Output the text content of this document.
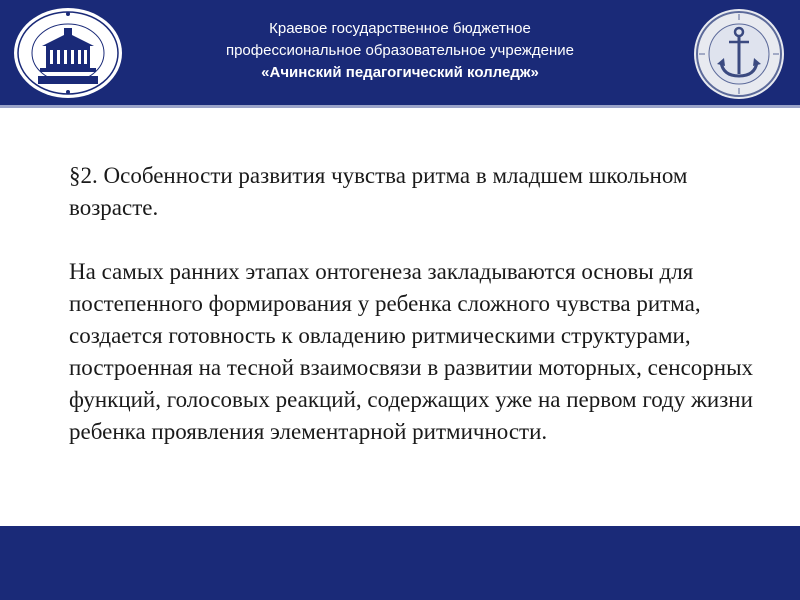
Краевое государственное бюджетное
профессиональное образовательное учреждение
«Ачинский педагогический колледж»

§2. Особенности развития чувства ритма в младшем школьном возрасте.

На самых ранних этапах онтогенеза закладываются основы для постепенного формирования у ребенка сложного чувства ритма, создается готовность к овладению ритмическими структурами, построенная на тесной взаимосвязи в развитии моторных, сенсорных функций, голосовых реакций, содержащих уже на первом году жизни ребенка проявления элементарной ритмичности.
